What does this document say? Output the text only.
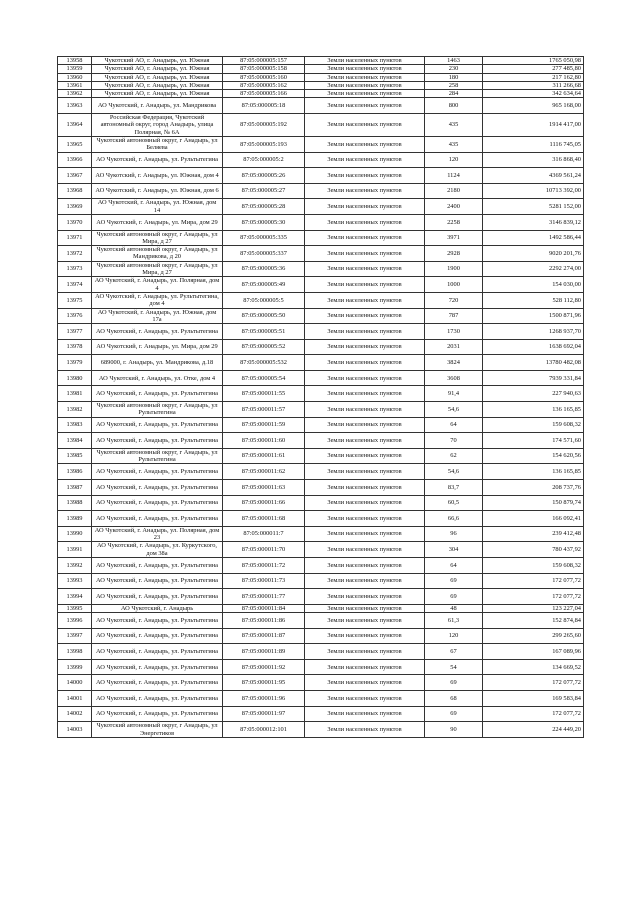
13958	Чукотский АО, г. Анадырь, ул. Южная	87:05:000005:157	Земли населенных пунктов	1463	1765 050,98
13959	Чукотский АО, г. Анадырь, ул. Южная	87:05:000005:158	Земли населенных пунктов	230	277 485,80
13960	Чукотский АО, г. Анадырь, ул. Южная	87:05:000005:160	Земли населенных пунктов	180	217 162,80
13961	Чукотский АО, г. Анадырь, ул. Южная	87:05:000005:162	Земли населенных пунктов	258	311 266,68
13962	Чукотский АО, г. Анадырь, ул. Южная	87:05:000005:166	Земли населенных пунктов	284	342 634,64
13963	АО Чукотский, г. Анадырь, ул. Мандрикова	87:05:000005:18	Земли населенных пунктов	800	965 168,00
13964	Российская Федерация, Чукотский автономный округ, город Анадырь, улица Полярная, № 6А	87:05:000005:192	Земли населенных пунктов	435	1914 417,00
13965	Чукотский автономный округ, г Анадырь, ул Беляева	87:05:000005:193	Земли населенных пунктов	435	1116 745,05
13966	АО Чукотский, г. Анадырь, ул. Рультытегина	87:05:000005:2	Земли населенных пунктов	120	316 868,40
13967	АО Чукотский, г. Анадырь, ул. Южная, дом 4	87:05:000005:26	Земли населенных пунктов	1124	4369 561,24
13968	АО Чукотский, г. Анадырь, ул. Южная, дом 6	87:05:000005:27	Земли населенных пунктов	2180	10713 392,00
13969	АО Чукотский, г. Анадырь, ул. Южная, дом 14	87:05:000005:28	Земли населенных пунктов	2400	5281 152,00
13970	АО Чукотский, г. Анадырь, ул. Мира, дом 29	87:05:000005:30	Земли населенных пунктов	2258	3146 839,12
13971	Чукотский автономный округ, г Анадырь, ул Мира, д 27	87:05:000005:335	Земли населенных пунктов	3971	1492 586,44
13972	Чукотский автономный округ, г Анадырь, ул Мандрикова, д 20	87:05:000005:337	Земли населенных пунктов	2928	9020 201,76
13973	Чукотский автономный округ, г Анадырь, ул Мира, д 27	87:05:000005:36	Земли населенных пунктов	1900	2292 274,00
13974	АО Чукотский, г. Анадырь, ул. Полярная, дом 4	87:05:000005:49	Земли населенных пунктов	1000	154 030,00
13975	АО Чукотский, г. Анадырь, ул. Рультытегина, дом 4	87:05:000005:5	Земли населенных пунктов	720	528 112,80
13976	АО Чукотский, г. Анадырь, ул. Южная, дом 17а	87:05:000005:50	Земли населенных пунктов	787	1500 871,96
13977	АО Чукотский, г. Анадырь, ул. Рультытегина	87:05:000005:51	Земли населенных пунктов	1730	1268 937,70
13978	АО Чукотский, г. Анадырь, ул. Мира, дом 29	87:05:000005:52	Земли населенных пунктов	2031	1638 692,04
13979	689000, г. Анадырь, ул. Мандрикова, д.18	87:05:000005:532	Земли населенных пунктов	3824	13780 482,08
13980	АО Чукотский, г. Анадырь, ул. Отке, дом 4	87:05:000005:54	Земли населенных пунктов	3608	7939 331,84
13981	АО Чукотский, г. Анадырь, ул. Рультытегина	87:05:000011:55	Земли населенных пунктов	91,4	227 940,63
13982	Чукотский автономный округ, г Анадырь, ул Рультытегина	87:05:000011:57	Земли населенных пунктов	54,6	136 165,85
13983	АО Чукотский, г. Анадырь, ул. Рультытегина	87:05:000011:59	Земли населенных пунктов	64	159 608,32
13984	АО Чукотский, г. Анадырь, ул. Рультытегина	87:05:000011:60	Земли населенных пунктов	70	174 571,60
13985	Чукотский автономный округ, г Анадырь, ул Рультытегина	87:05:000011:61	Земли населенных пунктов	62	154 620,56
13986	АО Чукотский, г. Анадырь, ул. Рультытегина	87:05:000011:62	Земли населенных пунктов	54,6	136 165,85
13987	АО Чукотский, г. Анадырь, ул. Рультытегина	87:05:000011:63	Земли населенных пунктов	83,7	208 737,76
13988	АО Чукотский, г. Анадырь, ул. Рультытегина	87:05:000011:66	Земли населенных пунктов	60,5	150 879,74
13989	АО Чукотский, г. Анадырь, ул. Рультытегина	87:05:000011:68	Земли населенных пунктов	66,6	166 092,41
13990	АО Чукотский, г. Анадырь, ул. Полярная, дом 23	87:05:000011:7	Земли населенных пунктов	96	239 412,48
13991	АО Чукотский, г. Анадырь, ул. Куркутского, дом 38а	87:05:000011:70	Земли населенных пунктов	304	780 437,92
13992	АО Чукотский, г. Анадырь, ул. Рультытегина	87:05:000011:72	Земли населенных пунктов	64	159 608,32
13993	АО Чукотский, г. Анадырь, ул. Рультытегина	87:05:000011:73	Земли населенных пунктов	69	172 077,72
13994	АО Чукотский, г. Анадырь, ул. Рультытегина	87:05:000011:77	Земли населенных пунктов	69	172 077,72
13995	АО Чукотский, г. Анадырь	87:05:000011:84	Земли населенных пунктов	48	123 227,04
13996	АО Чукотский, г. Анадырь, ул. Рультытегина	87:05:000011:86	Земли населенных пунктов	61,3	152 874,84
13997	АО Чукотский, г. Анадырь, ул. Рультытегина	87:05:000011:87	Земли населенных пунктов	120	299 265,60
13998	АО Чукотский, г. Анадырь, ул. Рультытегина	87:05:000011:89	Земли населенных пунктов	67	167 089,96
13999	АО Чукотский, г. Анадырь, ул. Рультытегина	87:05:000011:92	Земли населенных пунктов	54	134 669,52
14000	АО Чукотский, г. Анадырь, ул. Рультытегина	87:05:000011:95	Земли населенных пунктов	69	172 077,72
14001	АО Чукотский, г. Анадырь, ул. Рультытегина	87:05:000011:96	Земли населенных пунктов	68	169 583,84
14002	АО Чукотский, г. Анадырь, ул. Рультытегина	87:05:000011:97	Земли населенных пунктов	69	172 077,72
14003	Чукотский автономный округ, г Анадырь, ул Энергетиков	87:05:000012:101	Земли населенных пунктов	90	224 449,20
